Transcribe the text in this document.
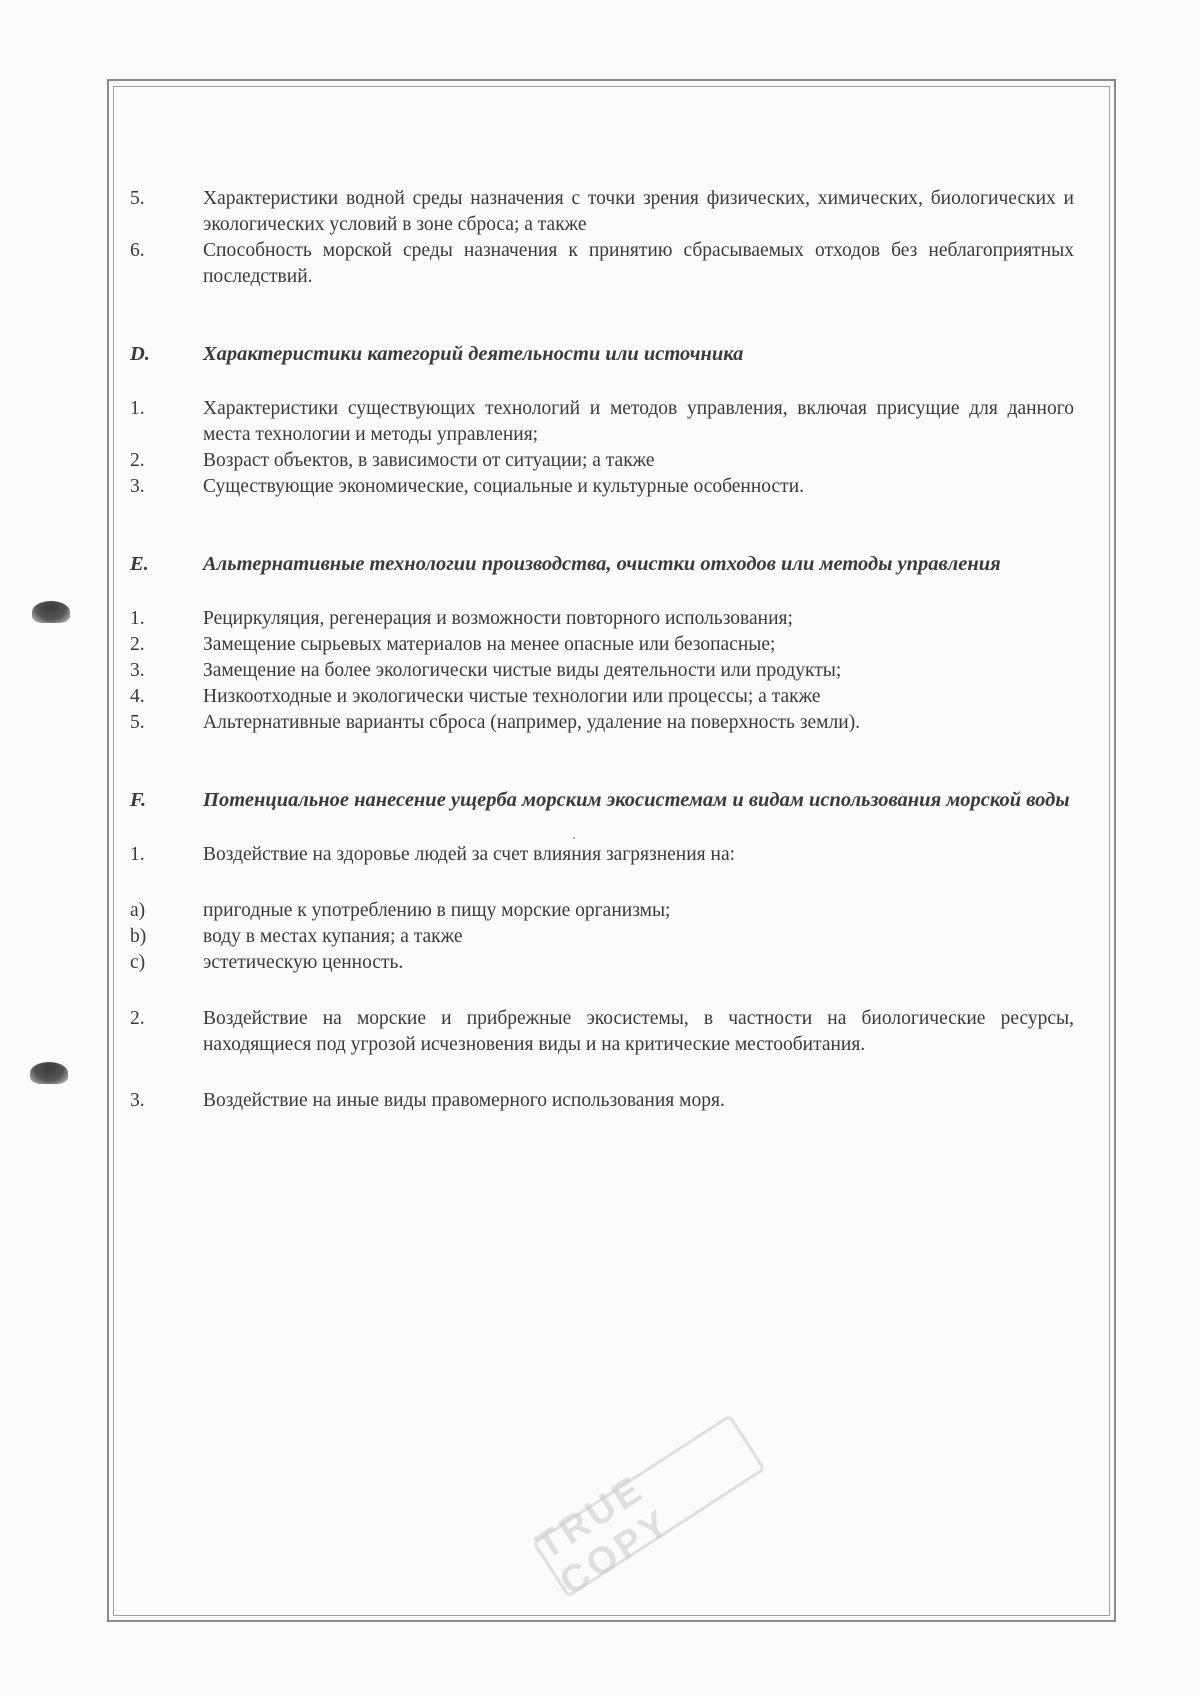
5.	Характеристики водной среды назначения с точки зрения физических, химических, биологических и экологических условий в зоне сброса; а также
6.	Способность морской среды назначения к принятию сбрасываемых отходов без неблагоприятных последствий.
D.	Характеристики категорий деятельности или источника
1.	Характеристики существующих технологий и методов управления, включая присущие для данного места технологии и методы управления;
2.	Возраст объектов, в зависимости от ситуации; а также
3.	Существующие экономические, социальные и культурные особенности.
E.	Альтернативные технологии производства, очистки отходов или методы управления
1.	Рециркуляция, регенерация и возможности повторного использования;
2.	Замещение сырьевых материалов на менее опасные или безопасные;
3.	Замещение на более экологически чистые виды деятельности или продукты;
4.	Низкоотходные и экологически чистые технологии или процессы; а также
5.	Альтернативные варианты сброса (например, удаление на поверхность земли).
F.	Потенциальное нанесение ущерба морским экосистемам и видам использования морской воды
1.	Воздействие на здоровье людей за счет влияния загрязнения на:
a)	пригодные к употреблению в пищу морские организмы;
b)	воду в местах купания; а также
c)	эстетическую ценность.
2.	Воздействие на морские и прибрежные экосистемы, в частности на биологические ресурсы, находящиеся под угрозой исчезновения виды и на критические местообитания.
3.	Воздействие на иные виды правомерного использования моря.
TRUE COPY
